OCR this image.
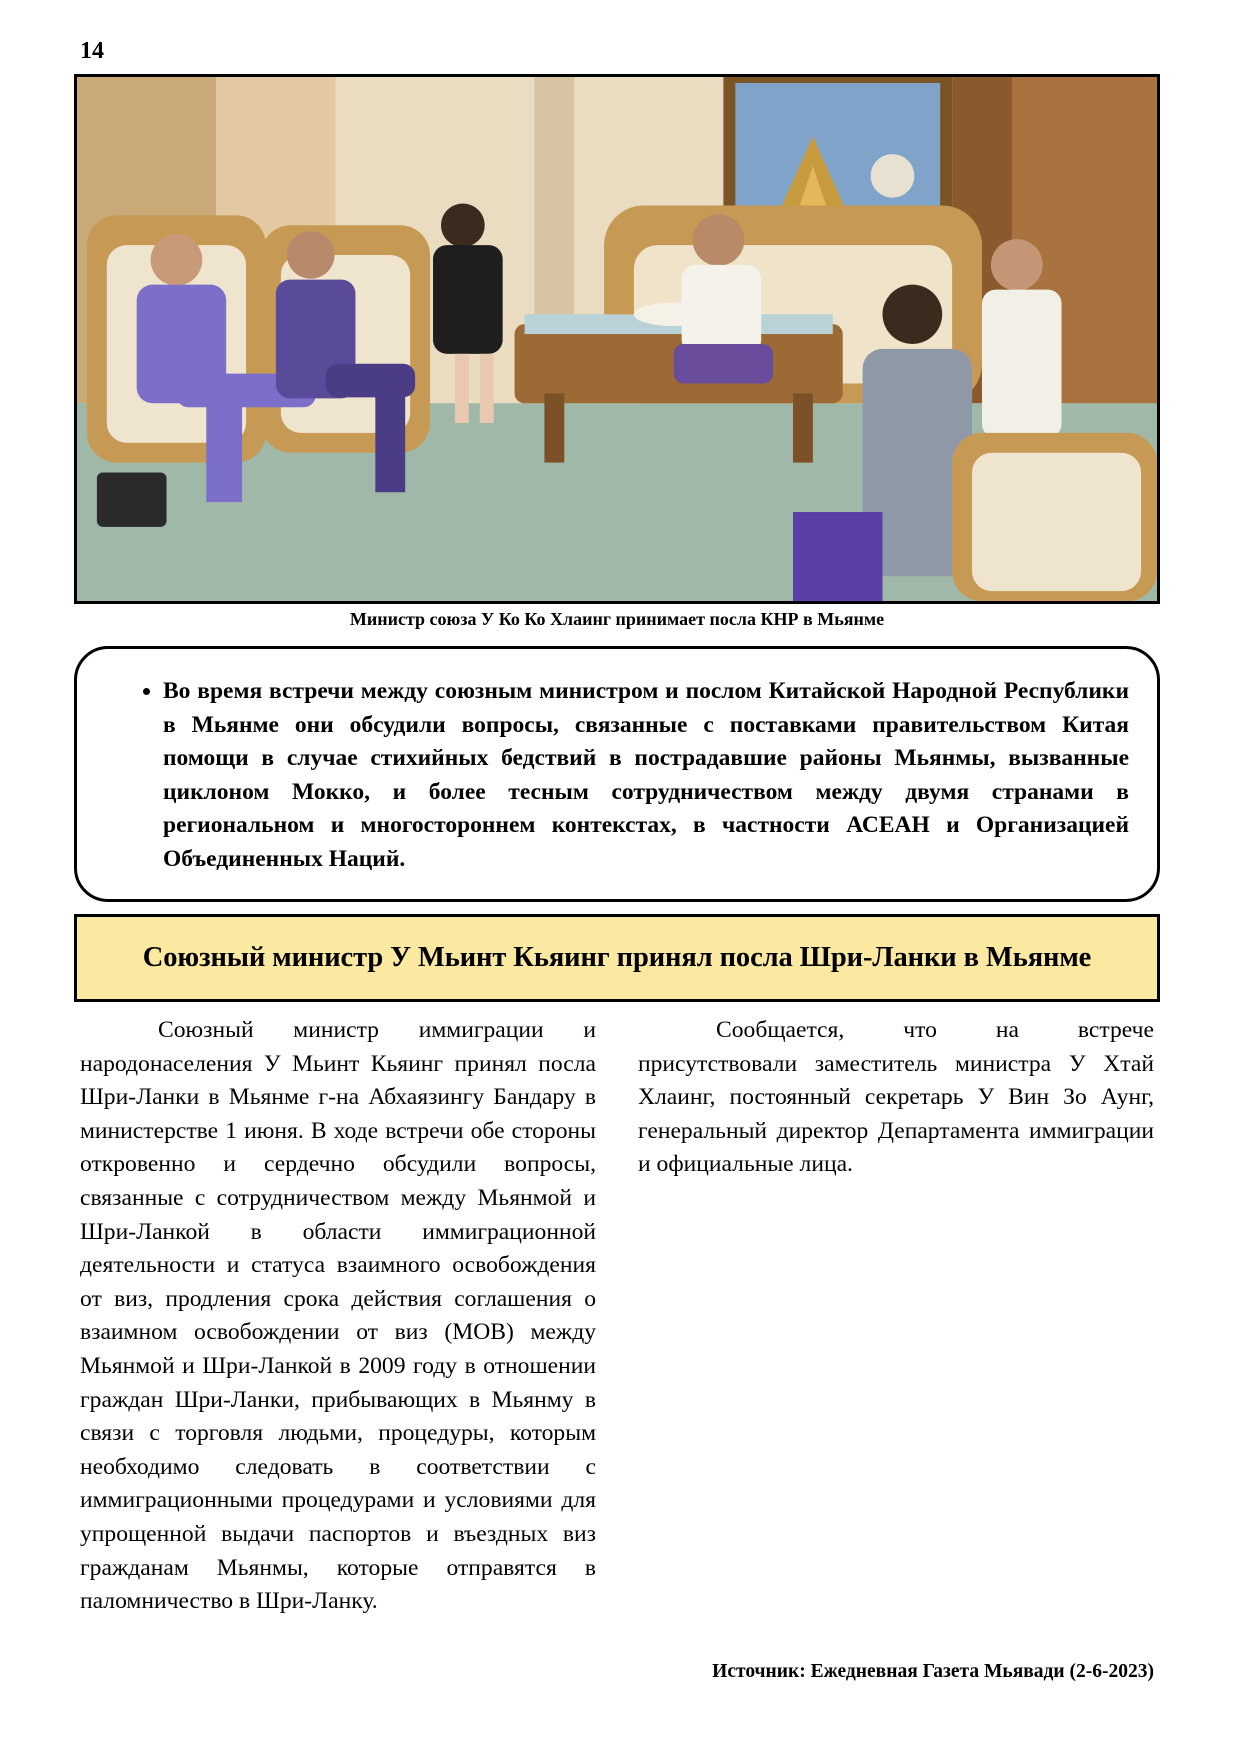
14
Министр союза У Ко Ко Хлаинг принимает посла КНР в Мьянме
• Во время встречи между союзным министром и послом Китайской Народной Республики в Мьянме они обсудили вопросы, связанные с поставками правительством Китая помощи в случае стихийных бедствий в пострадавшие районы Мьянмы, вызванные циклоном Мокко, и более тесным сотрудничеством между двумя странами в региональном и многостороннем контекстах, в частности АСЕАН и Организацией Объединенных Наций.
Союзный министр У Мьинт Кьяинг принял посла Шри-Ланки в Мьянме

Союзный министр иммиграции и народонаселения У Мьинт Кьяинг принял посла Шри-Ланки в Мьянме г-на Абхаязингу Бандару в министерстве 1 июня. В ходе встречи обе стороны откровенно и сердечно обсудили вопросы, связанные с сотрудничеством между Мьянмой и Шри-Ланкой в области иммиграционной деятельности и статуса взаимного освобождения от виз, продления срока действия соглашения о взаимном освобождении от виз (МОВ) между Мьянмой и Шри-Ланкой в 2009 году в отношении граждан Шри-Ланки, прибывающих в Мьянму в связи с торговля людьми, процедуры, которым необходимо следовать в соответствии с иммиграционными процедурами и условиями для упрощенной выдачи паспортов и въездных виз гражданам Мьянмы, которые отправятся в паломничество в Шри-Ланку.

Сообщается, что на встрече присутствовали заместитель министра У Хтай Хлаинг, постоянный секретарь У Вин Зо Аунг, генеральный директор Департамента иммиграции и официальные лица.

Источник: Ежедневная Газета Мьявади (2-6-2023)
